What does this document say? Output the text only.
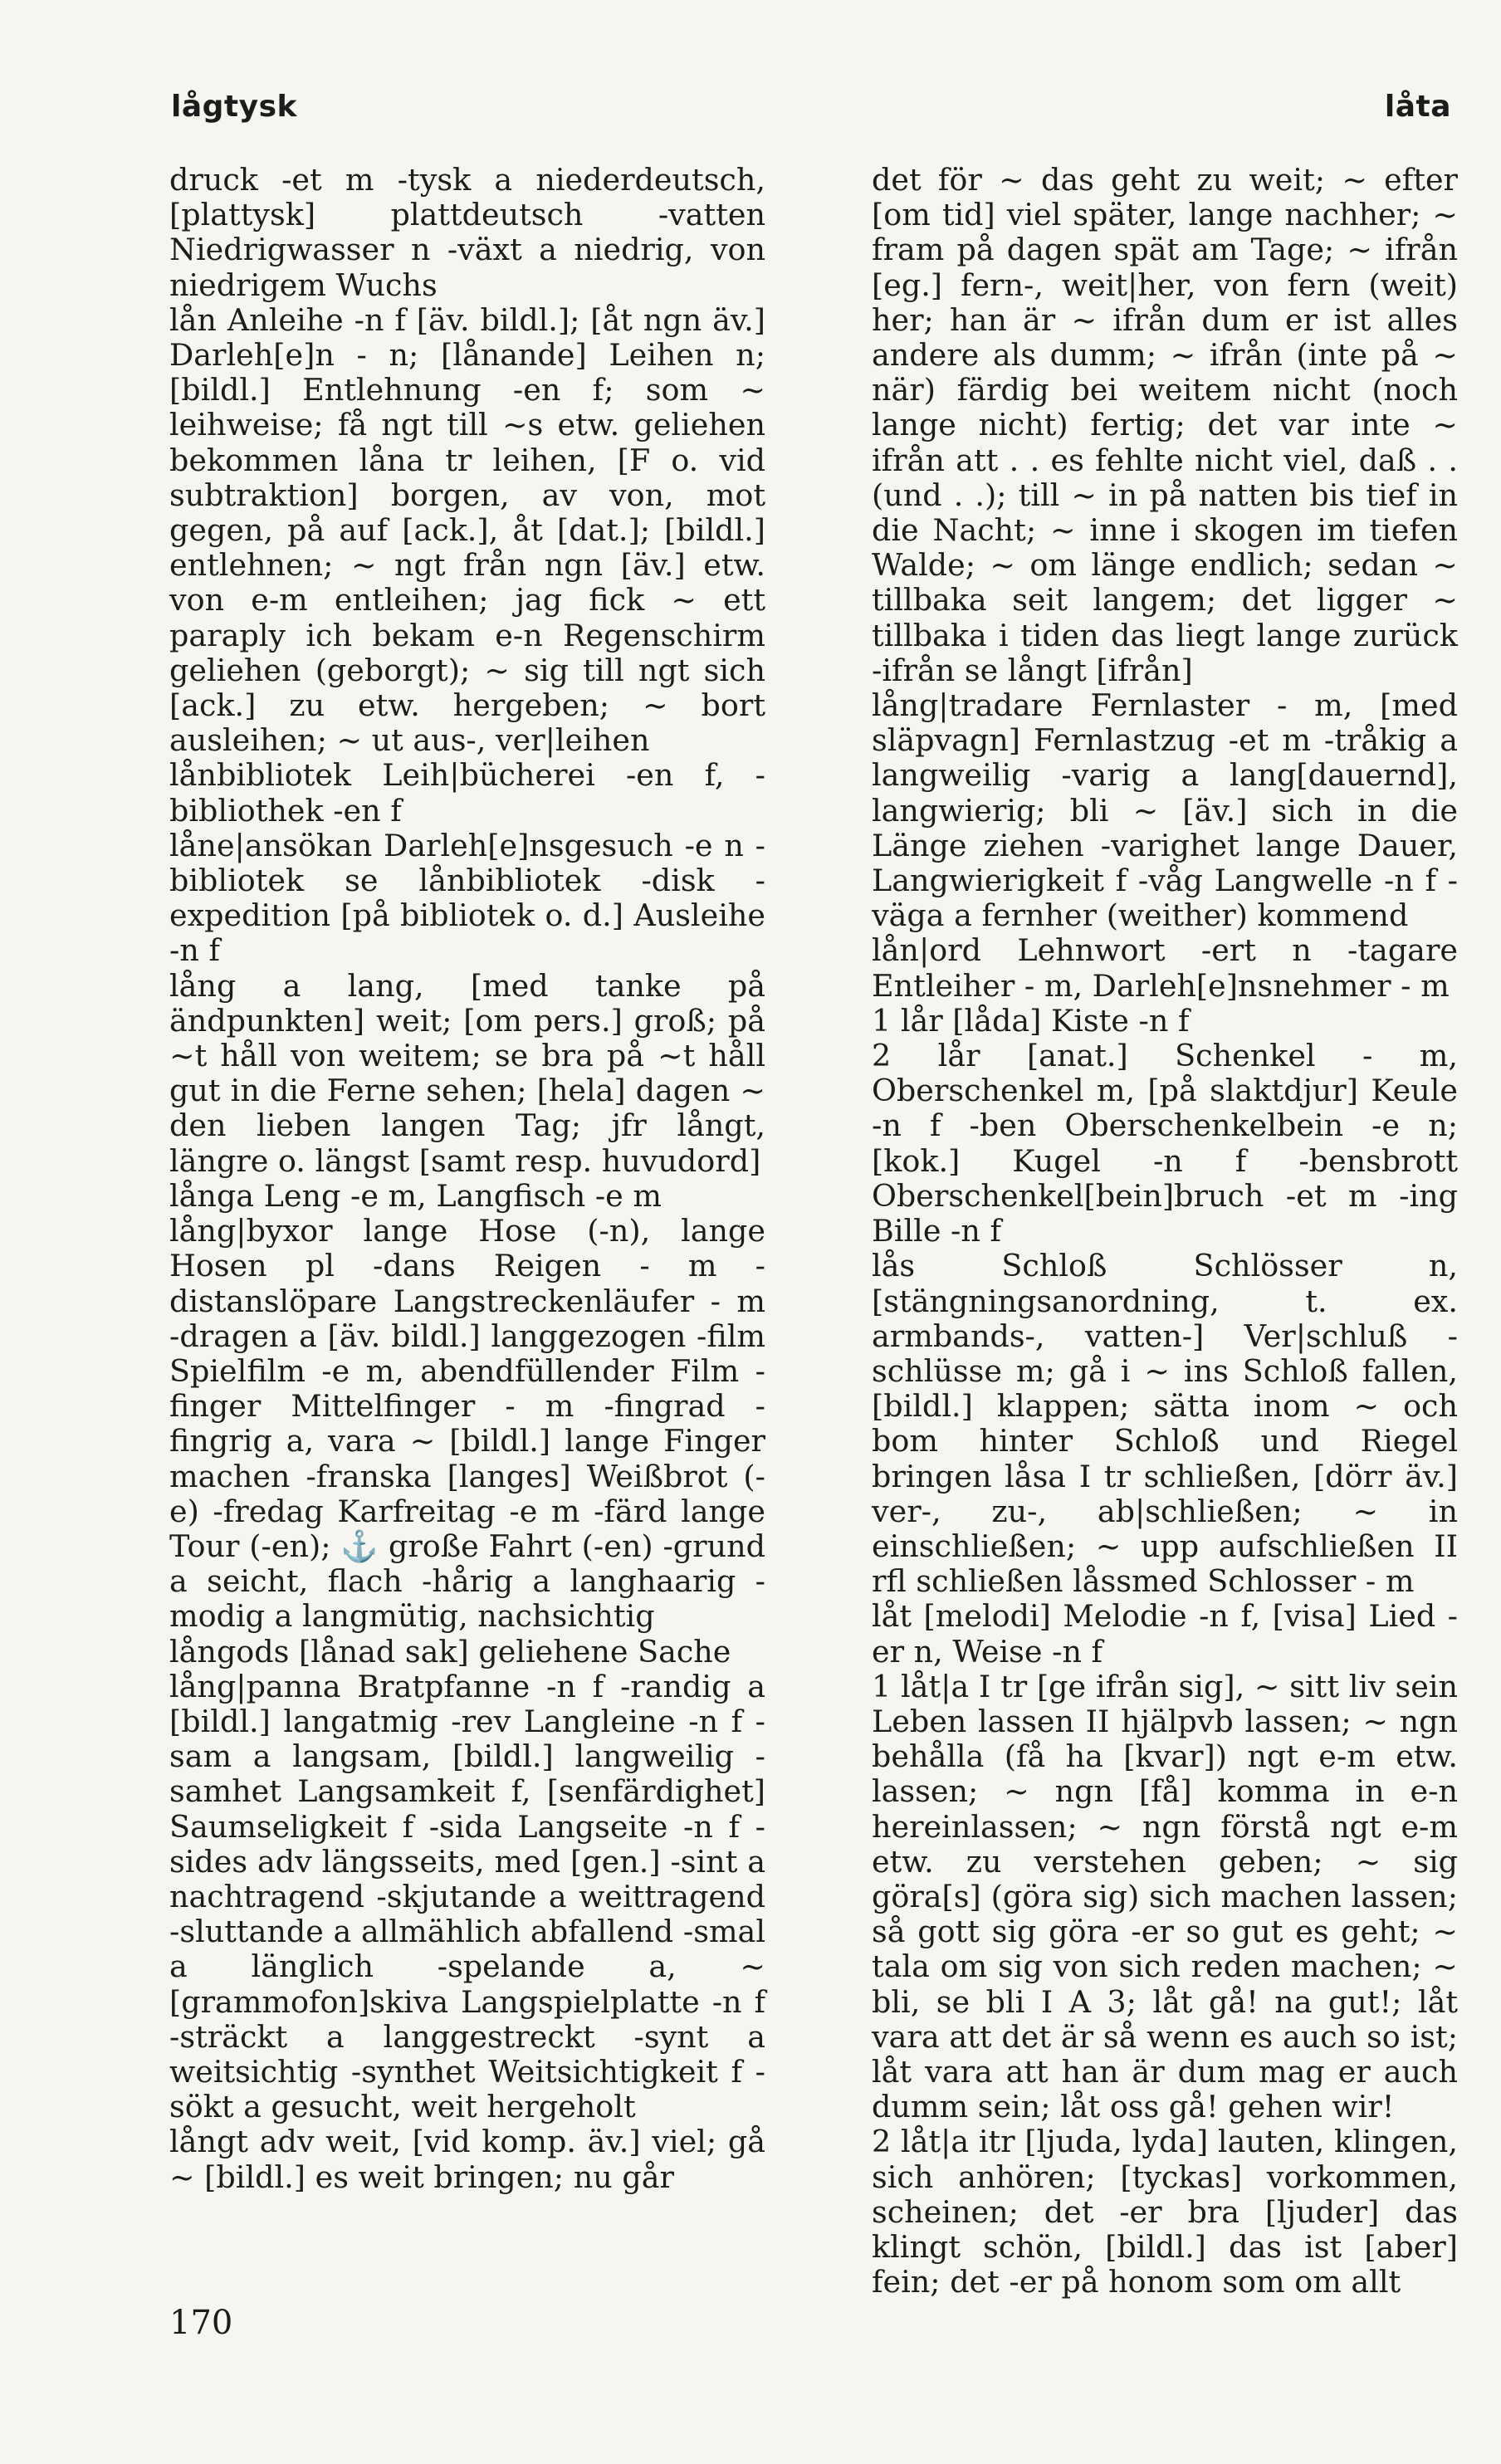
lågtysk	låta

druck -et m -tysk a niederdeutsch, [plattysk] plattdeutsch -vatten Niedrigwasser n -växt a niedrig, von niedrigem Wuchs

lån Anleihe -n f [äv. bildl.]; [åt ngn äv.] Darleh[e]n - n; [lånande] Leihen n; [bildl.] Entlehnung -en f; som ~ leihweise; få ngt till ~s etw. geliehen bekommen låna tr leihen, [F o. vid subtraktion] borgen, av von, mot gegen, på auf [ack.], åt [dat.]; [bildl.] entlehnen; ~ ngt från ngn [äv.] etw. von e-m entleihen; jag fick ~ ett paraply ich bekam e-n Regenschirm geliehen (geborgt); ~ sig till ngt sich [ack.] zu etw. hergeben; ~ bort ausleihen; ~ ut aus-, ver|leihen

lånbibliotek Leih|bücherei -en f, -bibliothek -en f

låne|ansökan Darleh[e]nsgesuch -e n -bibliotek se lånbibliotek -disk -expedition [på bibliotek o. d.] Ausleihe -n f

lång a lang, [med tanke på ändpunkten] weit; [om pers.] groß; på ~t håll von weitem; se bra på ~t håll gut in die Ferne sehen; [hela] dagen ~ den lieben langen Tag; jfr långt, längre o. längst [samt resp. huvudord]

långa Leng -e m, Langfisch -e m

lång|byxor lange Hose (-n), lange Hosen pl -dans Reigen - m -distanslöpare Langstreckenläufer - m -dragen a [äv. bildl.] langgezogen -film Spielfilm -e m, abendfüllender Film -finger Mittelfinger - m -fingrad -fingrig a, vara ~ [bildl.] lange Finger machen -franska [langes] Weißbrot (-e) -fredag Karfreitag -e m -färd lange Tour (-en); ⚓ große Fahrt (-en) -grund a seicht, flach -hårig a langhaarig -modig a langmütig, nachsichtig

långods [lånad sak] geliehene Sache

lång|panna Bratpfanne -n f -randig a [bildl.] langatmig -rev Langleine -n f -sam a langsam, [bildl.] langweilig -samhet Langsamkeit f, [senfärdighet] Saumseligkeit f -sida Langseite -n f -sides adv längsseits, med [gen.] -sint a nachtragend -skjutande a weittragend -sluttande a allmählich abfallend -smal a länglich -spelande a, ~ [grammofon]skiva Langspielplatte -n f -sträckt a langgestreckt -synt a weitsichtig -synthet Weitsichtigkeit f -sökt a gesucht, weit hergeholt

långt adv weit, [vid komp. äv.] viel; gå ~ [bildl.] es weit bringen; nu går

det för ~ das geht zu weit; ~ efter [om tid] viel später, lange nachher; ~ fram på dagen spät am Tage; ~ ifrån [eg.] fern-, weit|her, von fern (weit) her; han är ~ ifrån dum er ist alles andere als dumm; ~ ifrån (inte på ~ när) färdig bei weitem nicht (noch lange nicht) fertig; det var inte ~ ifrån att . . es fehlte nicht viel, daß . . (und . .); till ~ in på natten bis tief in die Nacht; ~ inne i skogen im tiefen Walde; ~ om länge endlich; sedan ~ tillbaka seit langem; det ligger ~ tillbaka i tiden das liegt lange zurück -ifrån se långt [ifrån]

lång|tradare Fernlaster - m, [med släpvagn] Fernlastzug -et m -tråkig a langweilig -varig a lang[dauernd], langwierig; bli ~ [äv.] sich in die Länge ziehen -varighet lange Dauer, Langwierigkeit f -våg Langwelle -n f -väga a fernher (weither) kommend

lån|ord Lehnwort -ert n -tagare Entleiher - m, Darleh[e]nsnehmer - m

1 lår [låda] Kiste -n f

2 lår [anat.] Schenkel - m, Oberschenkel m, [på slaktdjur] Keule -n f -ben Oberschenkelbein -e n; [kok.] Kugel -n f -bensbrott Oberschenkel[bein]bruch -et m -ing Bille -n f

lås Schloß Schlösser n, [stängningsanordning, t. ex. armbands-, vatten-] Ver|schluß -schlüsse m; gå i ~ ins Schloß fallen, [bildl.] klappen; sätta inom ~ och bom hinter Schloß und Riegel bringen låsa I tr schließen, [dörr äv.] ver-, zu-, ab|schließen; ~ in einschließen; ~ upp aufschließen II rfl schließen låssmed Schlosser - m

låt [melodi] Melodie -n f, [visa] Lied -er n, Weise -n f

1 låt|a I tr [ge ifrån sig], ~ sitt liv sein Leben lassen II hjälpvb lassen; ~ ngn behålla (få ha [kvar]) ngt e-m etw. lassen; ~ ngn [få] komma in e-n hereinlassen; ~ ngn förstå ngt e-m etw. zu verstehen geben; ~ sig göra[s] (göra sig) sich machen lassen; så gott sig göra -er so gut es geht; ~ tala om sig von sich reden machen; ~ bli, se bli I A 3; låt gå! na gut!; låt vara att det är så wenn es auch so ist; låt vara att han är dum mag er auch dumm sein; låt oss gå! gehen wir!

2 låt|a itr [ljuda, lyda] lauten, klingen, sich anhören; [tyckas] vorkommen, scheinen; det -er bra [ljuder] das klingt schön, [bildl.] das ist [aber] fein; det -er på honom som om allt

170
